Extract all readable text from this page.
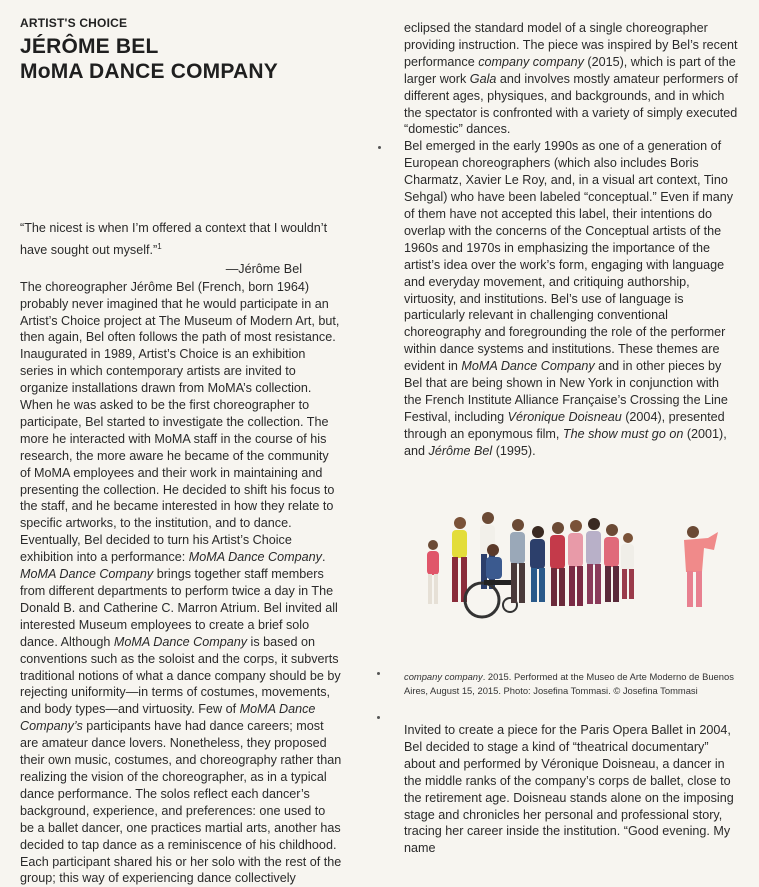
ARTIST'S CHOICE
JÉRÔME BEL
MoMA DANCE COMPANY
“The nicest is when I’m offered a context that I wouldn’t have sought out myself.”$^1$
—Jérôme Bel

The choreographer Jérôme Bel (French, born 1964) probably never imagined that he would participate in an Artist’s Choice project at The Museum of Modern Art, but, then again, Bel often follows the path of most resistance. Inaugurated in 1989, Artist’s Choice is an exhibition series in which contemporary artists are invited to organize installations drawn from MoMA’s collection. When he was asked to be the first choreographer to participate, Bel started to investigate the collection. The more he interacted with MoMA staff in the course of his research, the more aware he became of the community of MoMA employees and their work in maintaining and presenting the collection. He decided to shift his focus to the staff, and he became interested in how they relate to specific artworks, to the institution, and to dance. Eventually, Bel decided to turn his Artist’s Choice exhibition into a performance: MoMA Dance Company.

MoMA Dance Company brings together staff members from different departments to perform twice a day in The Donald B. and Catherine C. Marron Atrium. Bel invited all interested Museum employees to create a brief solo dance. Although MoMA Dance Company is based on conventions such as the soloist and the corps, it subverts traditional notions of what a dance company should be by rejecting uniformity—in terms of costumes, movements, and body types—and virtuosity. Few of MoMA Dance Company’s participants have had dance careers; most are amateur dance lovers. Nonetheless, they proposed their own music, costumes, and choreography rather than realizing the vision of the choreographer, as in a typical dance performance. The solos reflect each dancer’s background, experience, and preferences: one used to be a ballet dancer, one practices martial arts, another has decided to tap dance as a reminiscence of his childhood. Each participant shared his or her solo with the rest of the group; this way of experiencing dance collectively

eclipsed the standard model of a single choreographer providing instruction. The piece was inspired by Bel’s recent performance company company (2015), which is part of the larger work Gala and involves mostly amateur performers of different ages, physiques, and backgrounds, and in which the spectator is confronted with a variety of simply executed “domestic” dances.

Bel emerged in the early 1990s as one of a generation of European choreographers (which also includes Boris Charmatz, Xavier Le Roy, and, in a visual art context, Tino Sehgal) who have been labeled “conceptual.” Even if many of them have not accepted this label, their intentions do overlap with the concerns of the Conceptual artists of the 1960s and 1970s in emphasizing the importance of the artist’s idea over the work’s form, engaging with language and everyday movement, and critiquing authorship, virtuosity, and institutions. Bel’s use of language is particularly relevant in challenging conventional choreography and foregrounding the role of the performer within dance systems and institutions. These themes are evident in MoMA Dance Company and in other pieces by Bel that are being shown in New York in conjunction with the French Institute Alliance Française’s Crossing the Line Festival, including Véronique Doisneau (2004), presented through an eponymous film, The show must go on (2001), and Jérôme Bel (1995).

company company. 2015. Performed at the Museo de Arte Moderno de Buenos Aires, August 15, 2015. Photo: Josefina Tommasi. © Josefina Tommasi

Invited to create a piece for the Paris Opera Ballet in 2004, Bel decided to stage a kind of “theatrical documentary” about and performed by Véronique Doisneau, a dancer in the middle ranks of the company’s corps de ballet, close to the retirement age. Doisneau stands alone on the imposing stage and chronicles her personal and professional story, tracing her career inside the institution. “Good evening. My name
